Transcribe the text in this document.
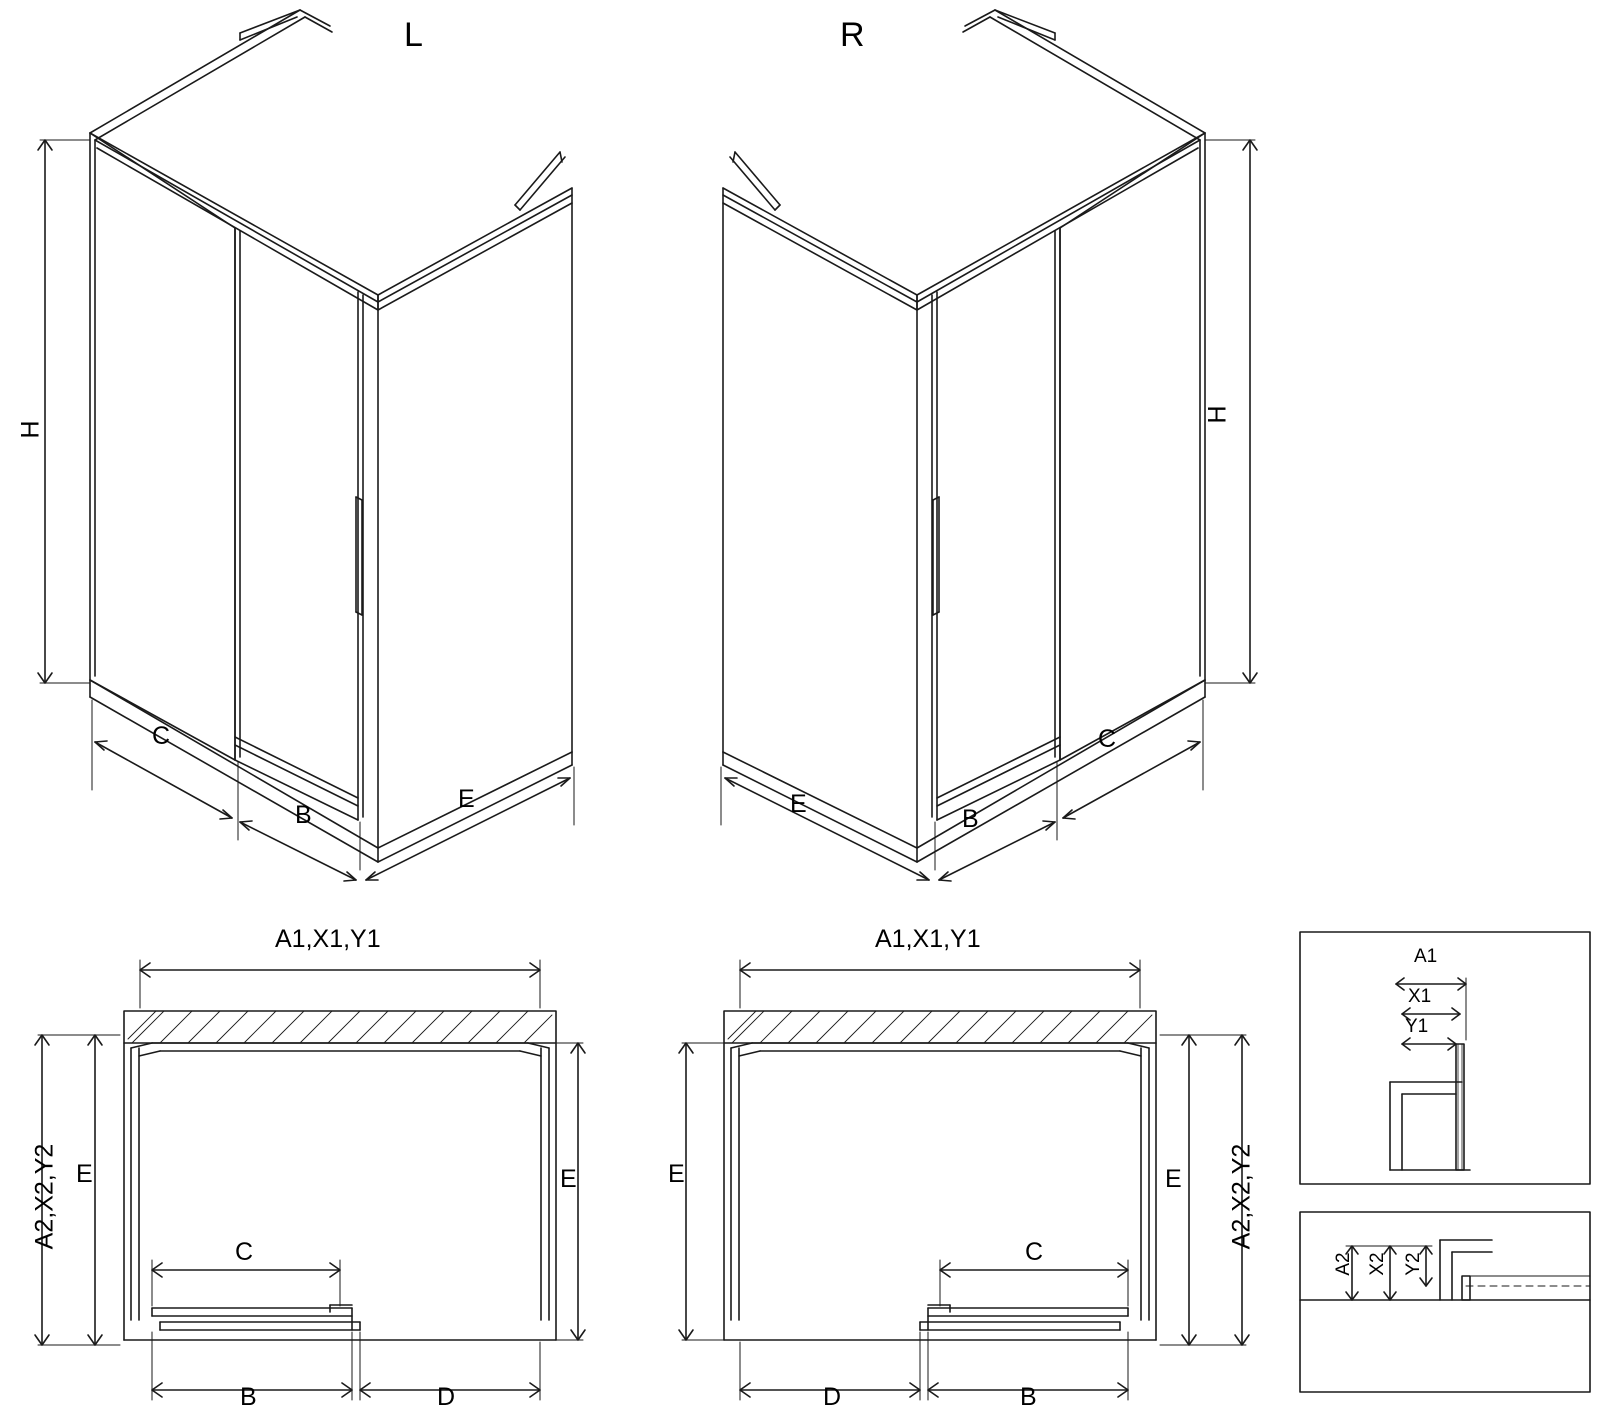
L	R
H
H
C
B
E	E
B
C
A1,X1,Y1
A2,X2,Y2 E	E
C
B	D
A1,X1,Y1
A2,X2,Y2
E	E
C
B
D
A1
X1
Y1
A2 X2 Y2
